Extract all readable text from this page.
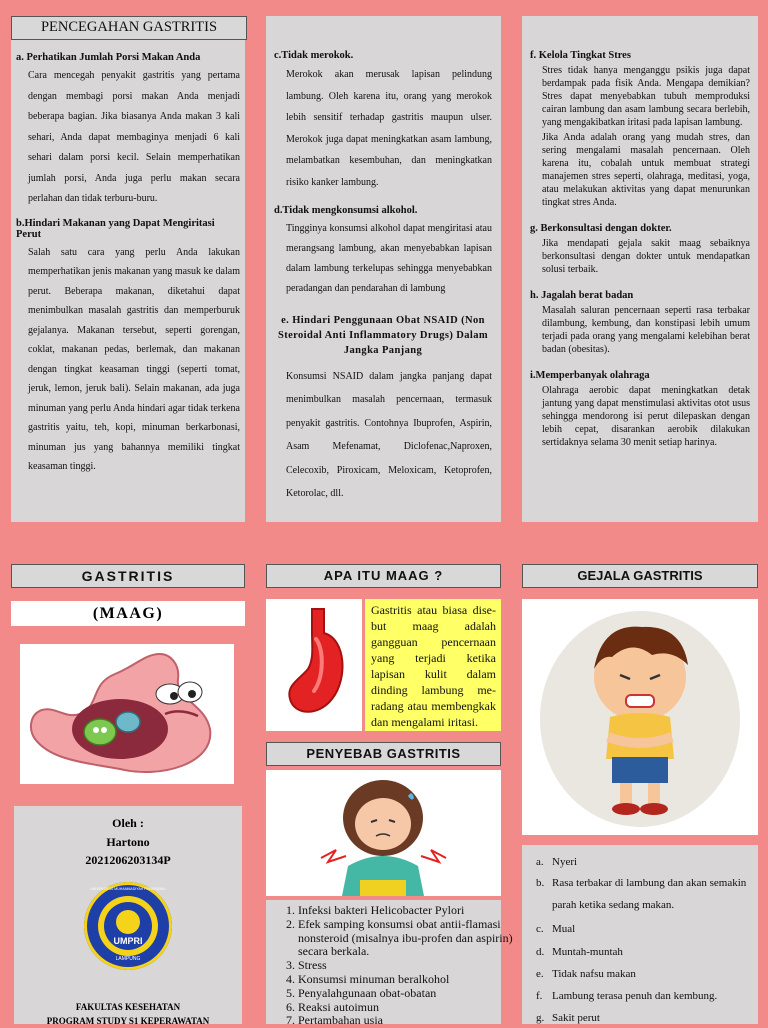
PENCEGAHAN GASTRITIS
a. Perhatikan Jumlah Porsi Makan Anda
Cara mencegah penyakit gastritis yang pertama dengan membagi porsi makan Anda menjadi beberapa bagian. Jika biasanya Anda makan 3 kali sehari, Anda dapat membaginya menjadi 6 kali sehari dalam porsi kecil. Selain memperhatikan jumlah porsi, Anda juga perlu makan secara perlahan dan tidak terburu-buru.
b.Hindari Makanan yang Dapat Mengiritasi Perut
Salah satu cara yang perlu Anda lakukan memperhatikan jenis makanan yang masuk ke dalam perut. Beberapa makanan, diketahui dapat menimbulkan masalah gastritis dan memperburuk gejalanya. Makanan tersebut, seperti gorengan, coklat, makanan pedas, berlemak, dan makanan dengan tingkat keasaman tinggi (seperti tomat, jeruk, lemon, jeruk bali). Selain makanan, ada juga minuman yang perlu Anda hindari agar tidak terkena gastritis yaitu, teh, kopi, minuman berkarbonasi, minuman jus yang bahannya memiliki tingkat keasaman tinggi.
c.Tidak merokok.
Merokok akan merusak lapisan pelindung lambung. Oleh karena itu, orang yang merokok lebih sensitif terhadap gastritis maupun ulser. Merokok juga dapat meningkatkan asam lambung, melambatkan kesembuhan, dan meningkatkan risiko kanker lambung.
d.Tidak mengkonsumsi alkohol.
Tingginya konsumsi alkohol dapat mengiritasi atau merangsang lambung, akan menyebabkan lapisan dalam lambung terkelupas sehingga menyebabkan peradangan dan pendarahan di lambung
e. Hindari Penggunaan Obat NSAID (Non Steroidal Anti Inflammatory Drugs) Dalam Jangka Panjang
Konsumsi NSAID dalam jangka panjang dapat menimbulkan masalah pencernaan, termasuk penyakit gastritis. Contohnya Ibuprofen, Aspirin, Asam Mefenamat, Diclofenac,Naproxen, Celecoxib, Piroxicam, Meloxicam, Ketoprofen, Ketorolac, dll.
f. Kelola Tingkat Stres
Stres tidak hanya menganggu psikis juga dapat berdampak pada fisik Anda. Mengapa demikian? Stres dapat menyebabkan tubuh memproduksi cairan lambung dan asam lambung secara berlebih, yang mengakibatkan iritasi pada lapisan lambung.
Jika Anda adalah orang yang mudah stres, dan sering mengalami masalah pencernaan. Oleh karena itu, cobalah untuk membuat strategi manajemen stres seperti, olahraga, meditasi, yoga, atau melakukan aktivitas yang dapat menurunkan tingkat stres Anda.
g. Berkonsultasi dengan dokter.
Jika mendapati gejala sakit maag sebaiknya berkonsultasi dengan dokter untuk mendapatkan solusi terbaik.
h. Jagalah berat badan
Masalah saluran pencernaan seperti rasa terbakar dilambung, kembung, dan konstipasi lebih umum terjadi pada orang yang mengalami kelebihan berat badan (obesitas).
i.Memperbanyak olahraga
Olahraga aerobic dapat meningkatkan detak jantung yang dapat menstimulasi aktivitas otot usus sehingga mendorong isi perut dilepaskan dengan lebih cepat, disarankan aerobik dilakukan sertidaknya selama 30 menit setiap harinya.
GASTRITIS
(MAAG)
Oleh :
Hartono
2021206203134P
UNIVERSITAS MUHAMMADIYAH PRINGSEWU
UMPRI
LAMPUNG
FAKULTAS KESEHATAN
PROGRAM STUDY S1 KEPERAWATAN
APA ITU MAAG ?
Gastritis atau biasa dise-but maag adalah gangguan pencernaan yang terjadi ketika lapisan kulit dalam dinding lambung me-radang atau membengkak dan mengalami iritasi.
PENYEBAB GASTRITIS
1. Infeksi bakteri Helicobacter Pylori
2. Efek samping konsumsi obat antii-flamasi nonsteroid (misalnya ibu-profen dan aspirin) secara berkala.
3. Stress
4. Konsumsi minuman beralkohol
5. Penyalahgunaan obat-obatan
6. Reaksi autoimun
7. Pertambahan usia
GEJALA GASTRITIS
a. Nyeri
b. Rasa terbakar di lambung dan akan semakin parah ketika sedang makan.
c. Mual
d. Muntah-muntah
e. Tidak nafsu makan
f. Lambung terasa penuh dan kembung.
g. Sakit perut
